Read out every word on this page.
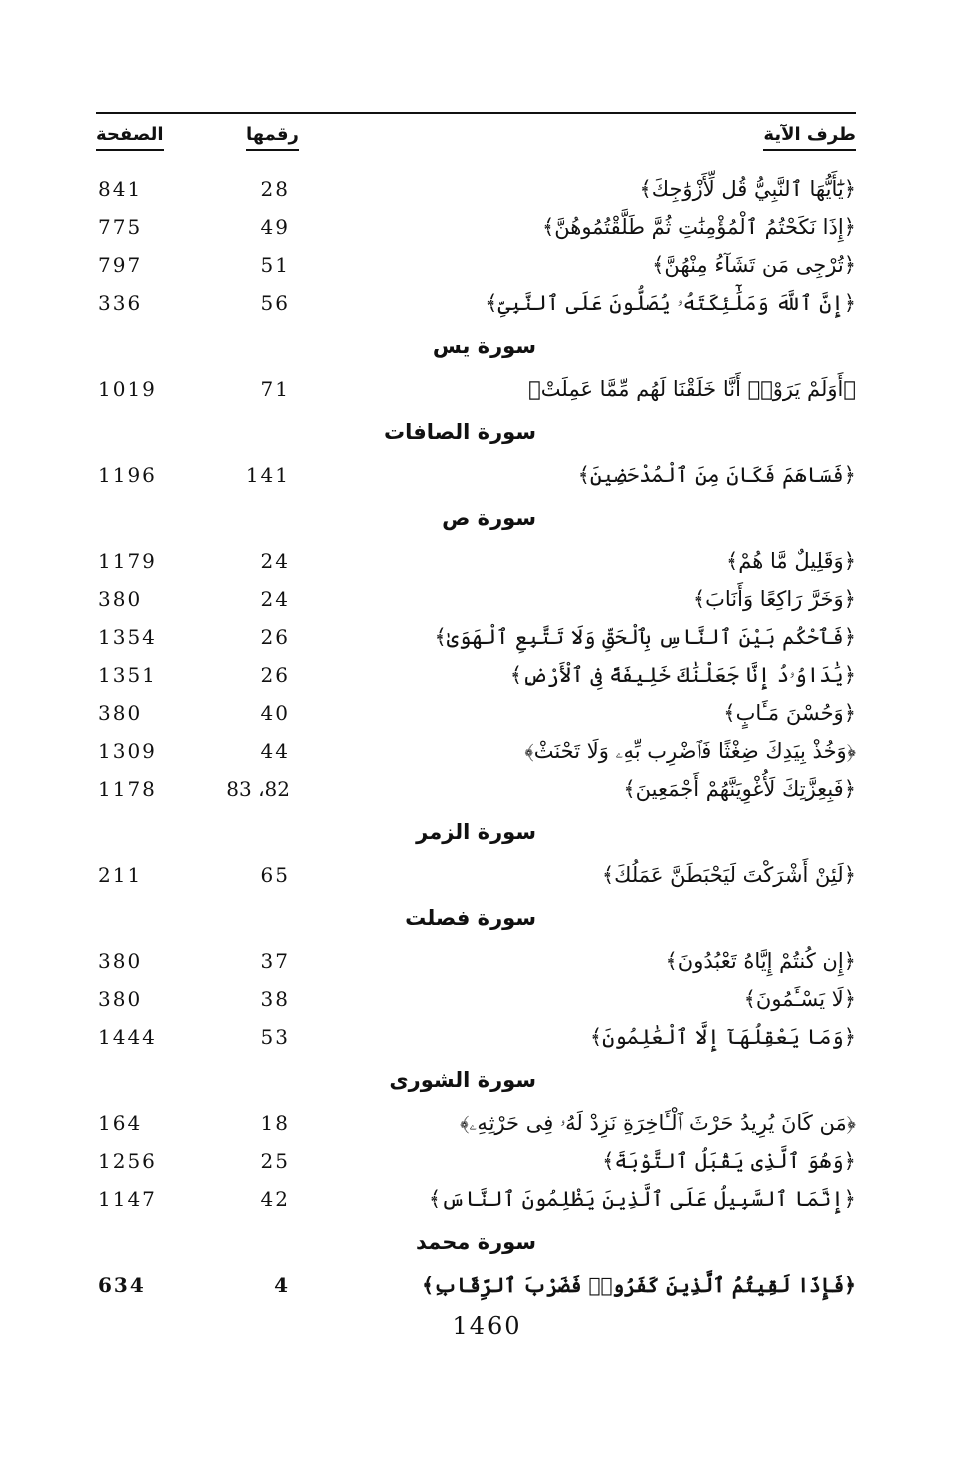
طرف الآية
رقمها
الصفحة
﴿يَٰٓأَيُّهَا ٱلنَّبِيُّ قُل لِّأَزْوَٰجِكَ﴾
28
841
﴿إِذَا نَكَحْتُمُ ٱلْمُؤْمِنَٰتِ ثُمَّ طَلَّقْتُمُوهُنَّ﴾
49
775
﴿تُرْجِى مَن تَشَآءُ مِنْهُنَّ﴾
51
797
﴿إِنَّ ٱللَّهَ وَمَلَٰٓئِكَتَهُۥ يُصَلُّونَ عَلَى ٱلنَّبِىِّ﴾
56
336
سورة يس
﴿أَوَلَمْ يَرَوْا۟ أَنَّا خَلَقْنَا لَهُم مِّمَّا عَمِلَتْ﴾
71
1019
سورة الصافات
﴿فَسَاهَمَ فَكَانَ مِنَ ٱلْمُدْحَضِينَ﴾
141
1196
سورة ص
﴿وَقَلِيلٌ مَّا هُمْ﴾
24
1179
﴿وَخَرَّ رَاكِعًا وَأَنَابَ﴾
24
380
﴿فَٱحْكُم بَيْنَ ٱلنَّاسِ بِٱلْحَقِّ وَلَا تَتَّبِعِ ٱلْهَوَىٰ﴾
26
1354
﴿يَٰدَاوُۥدُ إِنَّا جَعَلْنَٰكَ خَلِيفَةً فِى ٱلْأَرْضِ﴾
26
1351
﴿وَحُسْنَ مَـَٔابٍ﴾
40
380
﴿وَخُذْ بِيَدِكَ ضِغْثًا فَٱضْرِب بِّهِۦ وَلَا تَحْنَثْ﴾
44
1309
﴿فَبِعِزَّتِكَ لَأُغْوِيَنَّهُمْ أَجْمَعِينَ﴾
82، 83
1178
سورة الزمر
﴿لَئِنْ أَشْرَكْتَ لَيَحْبَطَنَّ عَمَلُكَ﴾
65
211
سورة فصلت
﴿إِن كُنتُمْ إِيَّاهُ تَعْبُدُونَ﴾
37
380
﴿لَا يَسْـَٔمُونَ﴾
38
380
﴿وَمَا يَعْقِلُهَآ إِلَّا ٱلْعَٰلِمُونَ﴾
53
1444
سورة الشورى
﴿مَن كَانَ يُرِيدُ حَرْثَ ٱلْـَٔاخِرَةِ نَزِدْ لَهُۥ فِى حَرْثِهِۦ﴾
18
164
﴿وَهُوَ ٱلَّذِى يَقْبَلُ ٱلتَّوْبَةَ﴾
25
1256
﴿إِنَّمَا ٱلسَّبِيلُ عَلَى ٱلَّذِينَ يَظْلِمُونَ ٱلنَّاسَ﴾
42
1147
سورة محمد
﴿فَإِذَا لَقِيتُمُ ٱلَّذِينَ كَفَرُوا۟ فَضَرْبَ ٱلرِّقَابِ﴾
4
634
1460
